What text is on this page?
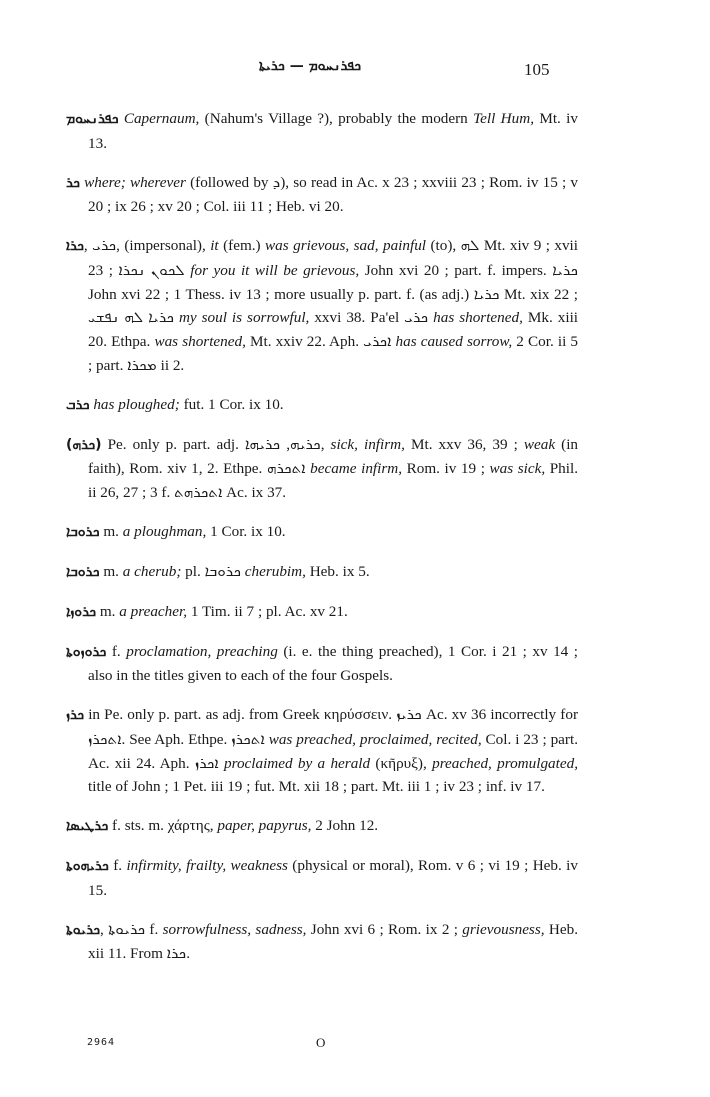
ܟܦܪܢܚܘܡ — ܟܪܝܬܐ	105

ܟܦܪܢܚܘܡ Capernaum, (Nahum's Village ?), probably the modern Tell Hum, Mt. iv 13.

ܟܪ where; wherever (followed by ܕ), so read in Ac. x 23 ; xxviii 23 ; Rom. iv 15 ; v 20 ; ix 26 ; xv 20 ; Col. iii 11 ; Heb. vi 20.

ܟܪܐ, ܟܪܝ, (impersonal), it (fem.) was grievous, sad, painful (to), ܠܗ Mt. xiv 9 ; xvii 23 ; ܠܟܘܢ ܢܟܪܐ for you it will be grievous, John xvi 20 ; part. f. impers. ܟܪܝܐ John xvi 22 ; 1 Thess. iv 13 ; more usually p. part. f. (as adj.) ܟܪܝܐ Mt. xix 22 ; ܟܪܝܐ ܠܗ ܢܦܫܝ my soul is sorrowful, xxvi 38. Pa'el ܟܪܝ has shortened, Mk. xiii 20. Ethpa. was shortened, Mt. xxiv 22. Aph. ܐܟܪܝ has caused sorrow, 2 Cor. ii 5 ; part. ܡܟܪܐ ii 2.

ܟܪܒ has ploughed; fut. 1 Cor. ix 10.

(ܟܪܗ) Pe. only p. part. adj. ܟܪܝܗ, ܟܪܝܗܐ, sick, infirm, Mt. xxv 36, 39 ; weak (in faith), Rom. xiv 1, 2. Ethpe. ܐܬܟܪܗ became infirm, Rom. iv 19 ; was sick, Phil. ii 26, 27 ; 3 f. ܐܬܟܪܗܬ Ac. ix 37.

ܟܪܘܒܐ m. a ploughman, 1 Cor. ix 10.

ܟܪܘܒܐ m. a cherub; pl. ܟܪܘܒܐ cherubim, Heb. ix 5.

ܟܪܘܙܐ m. a preacher, 1 Tim. ii 7 ; pl. Ac. xv 21.

ܟܪܘܙܘܬܐ f. proclamation, preaching (i. e. the thing preached), 1 Cor. i 21 ; xv 14 ; also in the titles given to each of the four Gospels.

ܟܪܙ in Pe. only p. part. as adj. from Greek κηρύσσειν. ܟܪܝܙ Ac. xv 36 incorrectly for ܐܬܟܪܙ. See Aph. Ethpe. ܐܬܟܪܙ was preached, proclaimed, recited, Col. i 23 ; part. Ac. xii 24. Aph. ܐܟܪܙ proclaimed by a herald (κῆρυξ), preached, promulgated, title of John ; 1 Pet. iii 19 ; fut. Mt. xii 18 ; part. Mt. iii 1 ; iv 23 ; inf. iv 17.

ܟܪܛܝܣܐ f. sts. m. χάρτης, paper, papyrus, 2 John 12.

ܟܪܝܗܘܬܐ f. infirmity, frailty, weakness (physical or moral), Rom. v 6 ; vi 19 ; Heb. iv 15.

ܟܪܝܘܬܐ, ܟܪܝܘܬܐ f. sorrowfulness, sadness, John xvi 6 ; Rom. ix 2 ; grievousness, Heb. xii 11. From ܟܪܐ.

2964	O
